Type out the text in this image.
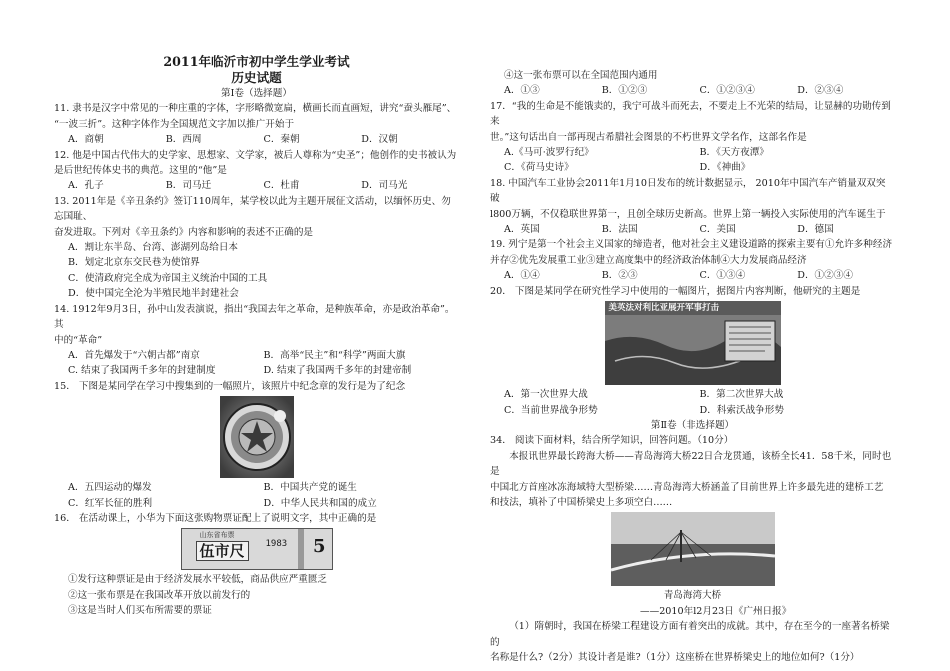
2011年临沂市初中学生学业考试
历史试题
第Ⅰ卷（选择题）

11. 隶书是汉字中常见的一种庄重的字体，字形略微宽扁，横画长而直画短，讲究“蚕头雁尾”、

“一波三折”。这种字体作为全国规范文字加以推广开始于

A．商朝	B．西周	C．秦朝	D．汉朝

12. 他是中国古代伟大的史学家、思想家、文学家，被后人尊称为“史圣”；他创作的史书被认为

是后世纪传体史书的典范。这里的“他”是

A．孔子	B．司马迁	C．杜甫	D．司马光

13. 2011年是《辛丑条约》签订110周年，某学校以此为主题开展征文活动，以缅怀历史、勿忘国耻、

奋发进取。下列对《辛丑条约》内容和影响的表述不正确的是

A．割让东半岛、台湾、澎湖列岛给日本
B．划定北京东交民巷为使馆界
C．使清政府完全成为帝国主义统治中国的工具
D．使中国完全沦为半殖民地半封建社会

14. 1912年9月3日，孙中山发表演说，指出“我国去年之革命，是种族革命，亦是政治革命”。其

中的“革命”

A．首先爆发于“六朝古都”南京	B．高举“民主”和“科学”两面大旗
C. 结束了我国两千多年的封建制度	D. 结束了我国两千多年的封建帝制

15． 下图是某同学在学习中搜集到的一幅照片，该照片中纪念章的发行是为了纪念

A．五四运动的爆发	B．中国共产党的诞生
C．红军长征的胜利	D．中华人民共和国的成立

16． 在活动课上，小华为下面这张购物票证配上了说明文字，其中正确的是

山东省布票
伍市尺	1983 5

①发行这种票证是由于经济发展水平较低，商品供应严重匮乏

②这一张布票是在我国改革开放以前发行的

③这是当时人们买布所需要的票证

④这一张布票可以在全国范围内通用

A．①③	B．①②③	C．①②③④	D．②③④

17．“我的生命是不能饿卖的，我宁可战斗而死去，不要走上不光荣的结局，让显赫的功勋传到来

世。”这句话出自一部再现古希腊社会图景的不朽世界文学名作，这部名作是

A.《马可·波罗行纪》	B．《天方夜潭》
C．《荷马史诗》	D．《神曲》

18. 中国汽车工业协会2011年1月10日发布的统计数据显示， 2010年中国汽车产销量双双突破

l800万辆，不仅稳联世界第一，且创全球历史新高。世界上第一辆投入实际使用的汽车诞生于

A．英国	B．法国	C．美国	D．德国

19. 列宁是第一个社会主义国家的缔造者，他对社会主义建设道路的探索主要有①允许多种经济

并存②优先发展重工业③建立高度集中的经济政治体制④大力发展商品经济

A．①④	B．②③	C．①③④	D．①②③④

20． 下图是某同学在研究性学习中使用的一幅图片，据图片内容判断，他研究的主题是

美英法对利比亚展开军事打击
A．第一次世界大战	B．第二次世界大战
C．当前世界战争形势	D．科索沃战争形势
第Ⅱ卷（非选择题）

34． 阅读下面材料，结合所学知识，回答问题。（10分）

本报讯世界最长跨海大桥——青岛海湾大桥22日合龙贯通，该桥全长41．58千米，同时也是

中国北方首座冰冻海域特大型桥梁……青岛海湾大桥涵盖了目前世界上许多最先进的建桥工艺

和技法，填补了中国桥梁史上多项空白……

青岛海湾大桥
——2010年l2月23日《广州日报》

（1）隋朝时，我国在桥梁工程建设方面有着突出的成就。其中，存在至今的一座著名桥梁的

名称是什么?（2分）其设计者是谁?（1分）这座桥在世界桥梁史上的地位如何?（1分）
